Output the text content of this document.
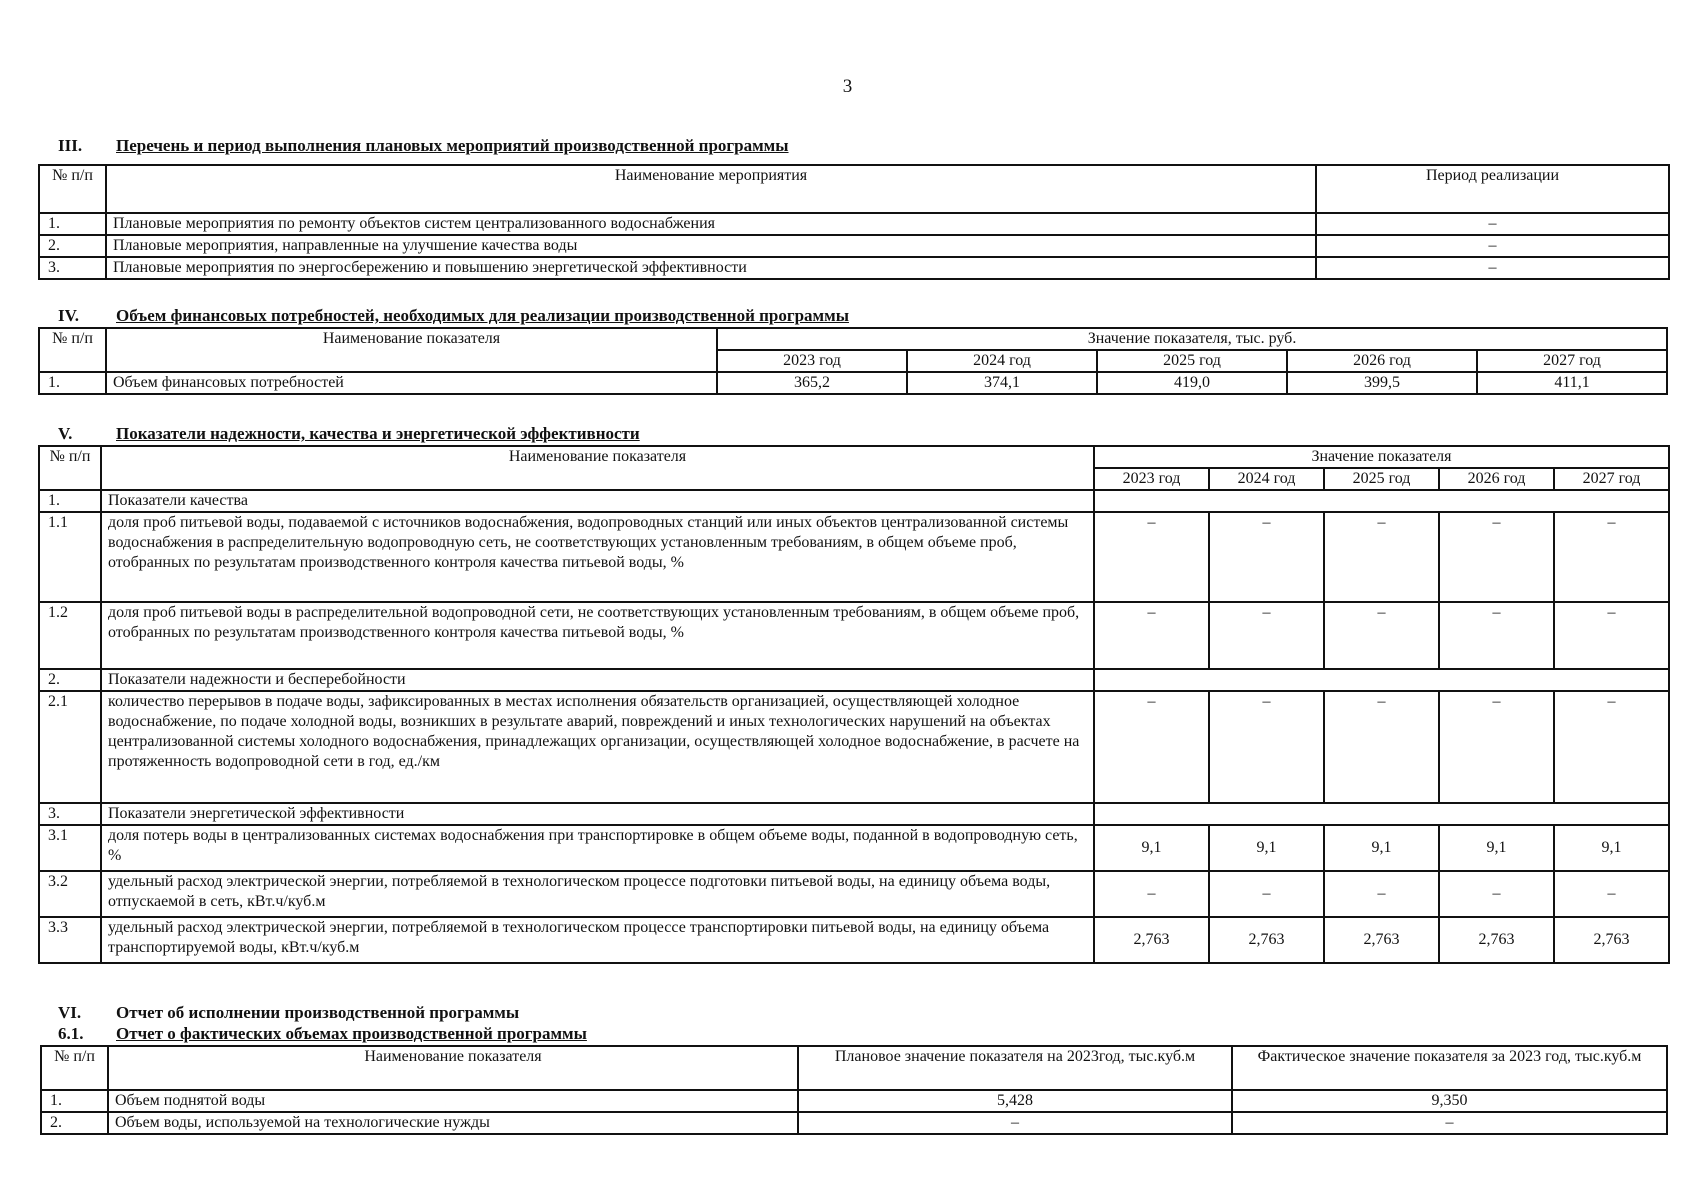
3
III. Перечень и период выполнения плановых мероприятий производственной программы
№ п/п	Наименование мероприятия	Период реализации
1.	Плановые мероприятия по ремонту объектов систем централизованного водоснабжения	–
2.	Плановые мероприятия, направленные на улучшение качества воды	–
3.	Плановые мероприятия по энергосбережению и повышению энергетической эффективности	–
IV. Объем финансовых потребностей, необходимых для реализации производственной программы
№ п/п	Наименование показателя	Значение показателя, тыс. руб.				
		2023 год	2024 год	2025 год	2026 год	2027 год
1.	Объем финансовых потребностей	365,2	374,1	419,0	399,5	411,1
V.	Показатели надежности, качества и энергетической эффективности
№ п/п	Наименование показателя	Значение показателя				
		2023 год	2024 год	2025 год	2026 год	2027 год
1.	Показатели качества					
1.1	доля проб питьевой воды, подаваемой с источников водоснабжения, водопроводных станций или иных объектов централизованной системы водоснабжения в распределительную водопроводную сеть, не соответствующих установленным требованиям, в общем объеме проб, отобранных по результатам производственного контроля качества питьевой воды, %	–	–	–	–	–
1.2	доля проб питьевой воды в распределительной водопроводной сети, не соответствующих установленным требованиям, в общем объеме проб, отобранных по результатам производственного контроля качества питьевой воды, %	–	–	–	–	–
2.	Показатели надежности и бесперебойности					
2.1	количество перерывов в подаче воды, зафиксированных в местах исполнения обязательств организацией, осуществляющей холодное водоснабжение, по подаче холодной воды, возникших в результате аварий, повреждений и иных технологических нарушений на объектах централизованной системы холодного водоснабжения, принадлежащих организации, осуществляющей холодное водоснабжение, в расчете на протяженность водопроводной сети в год, ед./км	–	–	–	–	–
3.	Показатели энергетической эффективности					
3.1	доля потерь воды в централизованных системах водоснабжения при транспортировке в общем объеме воды, поданной в водопроводную сеть, %	9,1	9,1	9,1	9,1	9,1
3.2	удельный расход электрической энергии, потребляемой в технологическом процессе подготовки питьевой воды, на единицу объема воды, отпускаемой в сеть, кВт.ч/куб.м	–	–	–	–	–
3.3	удельный расход электрической энергии, потребляемой в технологическом процессе транспортировки питьевой воды, на единицу объема транспортируемой воды, кВт.ч/куб.м	2,763	2,763	2,763	2,763	2,763
VI. Отчет об исполнении производственной программы
6.1. Отчет о фактических объемах производственной программы
№ п/п	Наименование показателя	Плановое значение показателя на 2023год, тыс.куб.м	Фактическое значение показателя за 2023 год, тыс.куб.м
1.	Объем поднятой воды	5,428	9,350
2.	Объем воды, используемой на технологические нужды	–	–
